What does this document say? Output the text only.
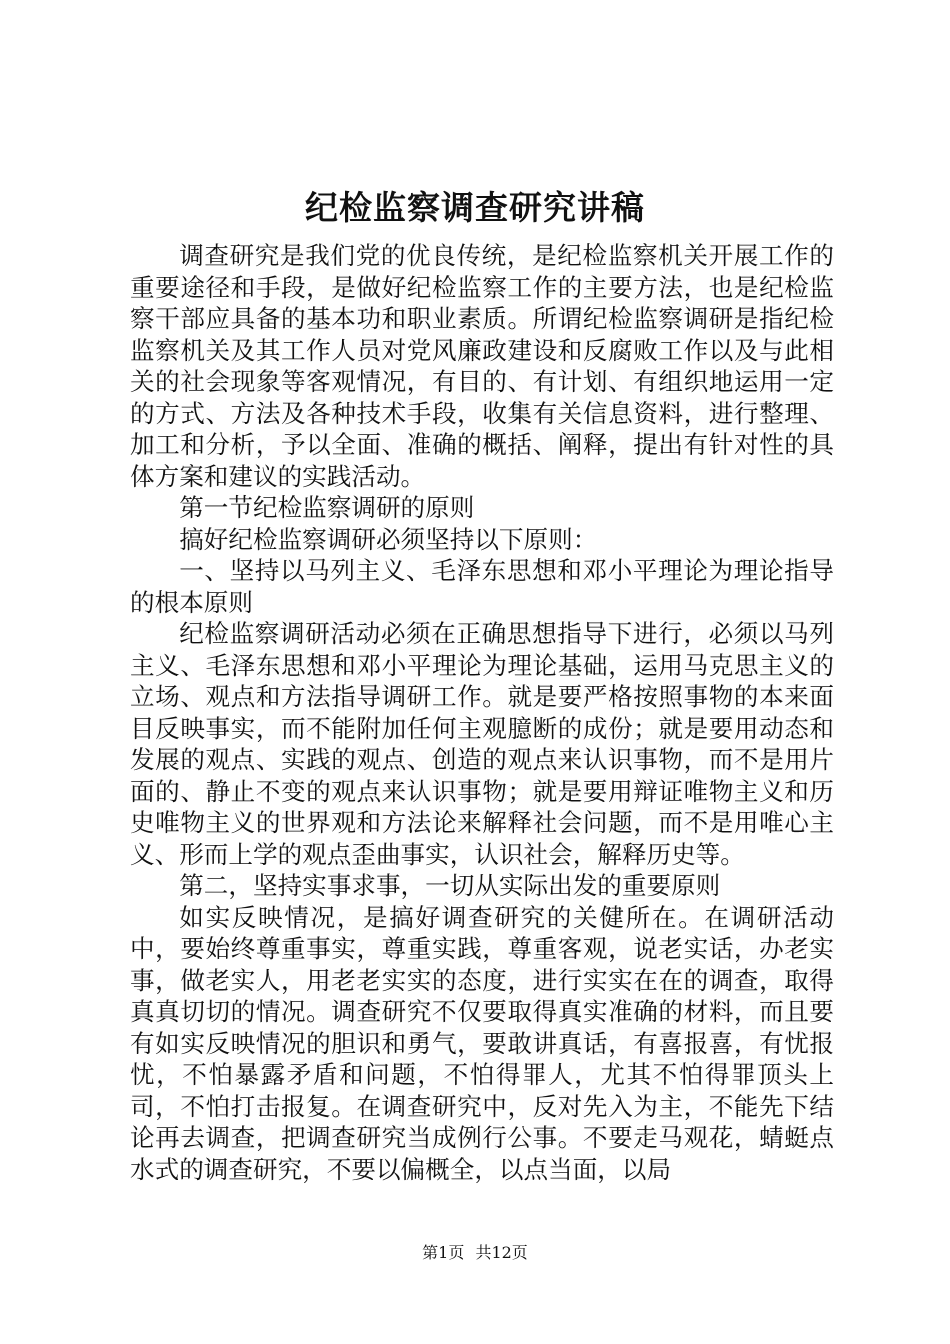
纪检监察调查研究讲稿

调查研究是我们党的优良传统，是纪检监察机关开展工作的重要途径和手段，是做好纪检监察工作的主要方法，也是纪检监察干部应具备的基本功和职业素质。所谓纪检监察调研是指纪检监察机关及其工作人员对党风廉政建设和反腐败工作以及与此相关的社会现象等客观情况，有目的、有计划、有组织地运用一定的方式、方法及各种技术手段，收集有关信息资料，进行整理、加工和分析，予以全面、准确的概括、阐释，提出有针对性的具体方案和建议的实践活动。

第一节纪检监察调研的原则

搞好纪检监察调研必须坚持以下原则：

一、坚持以马列主义、毛泽东思想和邓小平理论为理论指导的根本原则

纪检监察调研活动必须在正确思想指导下进行，必须以马列主义、毛泽东思想和邓小平理论为理论基础，运用马克思主义的立场、观点和方法指导调研工作。就是要严格按照事物的本来面目反映事实，而不能附加任何主观臆断的成份；就是要用动态和发展的观点、实践的观点、创造的观点来认识事物，而不是用片面的、静止不变的观点来认识事物；就是要用辩证唯物主义和历史唯物主义的世界观和方法论来解释社会问题，而不是用唯心主义、形而上学的观点歪曲事实，认识社会，解释历史等。

第二，坚持实事求事，一切从实际出发的重要原则

如实反映情况，是搞好调查研究的关健所在。在调研活动中，要始终尊重事实，尊重实践，尊重客观，说老实话，办老实事，做老实人，用老老实实的态度，进行实实在在的调查，取得真真切切的情况。调查研究不仅要取得真实准确的材料，而且要有如实反映情况的胆识和勇气，要敢讲真话，有喜报喜，有忧报忧，不怕暴露矛盾和问题，不怕得罪人，尤其不怕得罪顶头上司，不怕打击报复。在调查研究中，反对先入为主，不能先下结论再去调查，把调查研究当成例行公事。不要走马观花，蜻蜓点水式的调查研究，不要以偏概全，以点当面，以局

第1页 共12页
